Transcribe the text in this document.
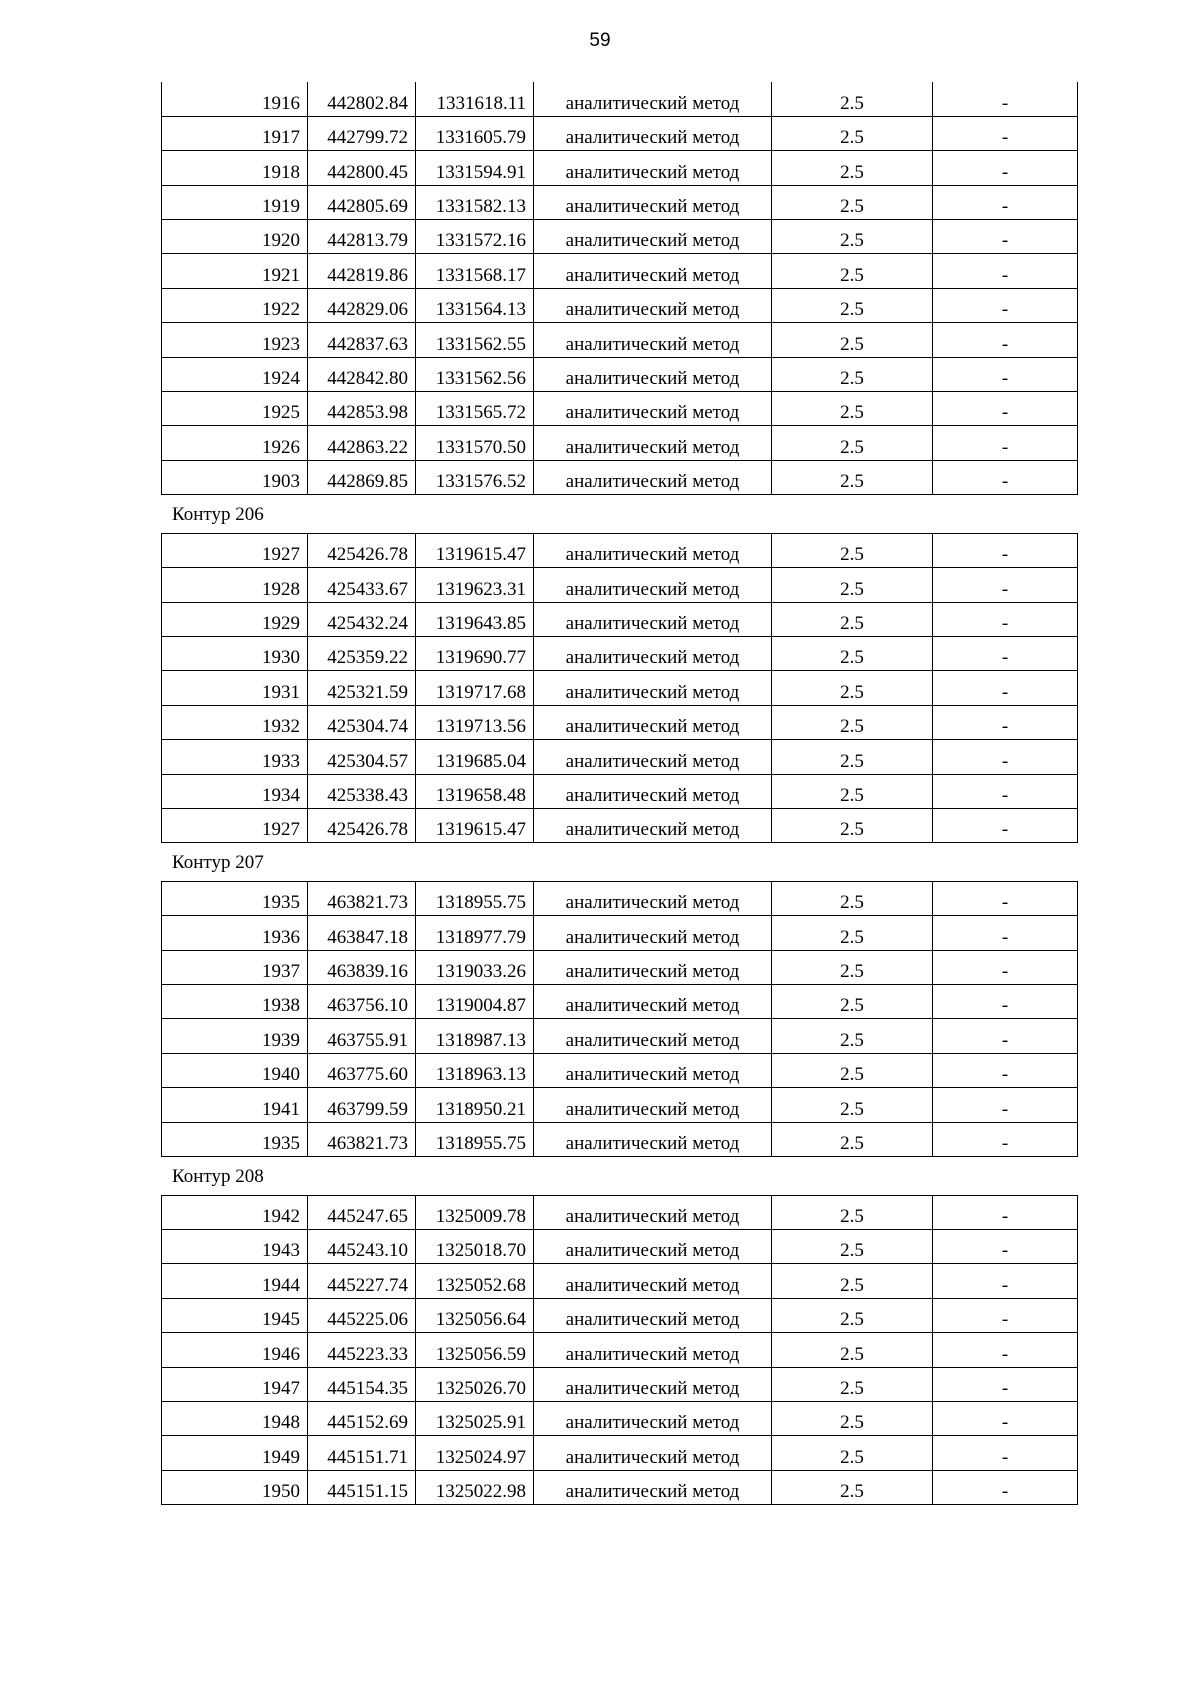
59
1916	442802.84	1331618.11	аналитический метод	2.5	-
1917	442799.72	1331605.79	аналитический метод	2.5	-
1918	442800.45	1331594.91	аналитический метод	2.5	-
1919	442805.69	1331582.13	аналитический метод	2.5	-
1920	442813.79	1331572.16	аналитический метод	2.5	-
1921	442819.86	1331568.17	аналитический метод	2.5	-
1922	442829.06	1331564.13	аналитический метод	2.5	-
1923	442837.63	1331562.55	аналитический метод	2.5	-
1924	442842.80	1331562.56	аналитический метод	2.5	-
1925	442853.98	1331565.72	аналитический метод	2.5	-
1926	442863.22	1331570.50	аналитический метод	2.5	-
1903	442869.85	1331576.52	аналитический метод	2.5	-
Контур 206
1927	425426.78	1319615.47	аналитический метод	2.5	-
1928	425433.67	1319623.31	аналитический метод	2.5	-
1929	425432.24	1319643.85	аналитический метод	2.5	-
1930	425359.22	1319690.77	аналитический метод	2.5	-
1931	425321.59	1319717.68	аналитический метод	2.5	-
1932	425304.74	1319713.56	аналитический метод	2.5	-
1933	425304.57	1319685.04	аналитический метод	2.5	-
1934	425338.43	1319658.48	аналитический метод	2.5	-
1927	425426.78	1319615.47	аналитический метод	2.5	-
Контур 207
1935	463821.73	1318955.75	аналитический метод	2.5	-
1936	463847.18	1318977.79	аналитический метод	2.5	-
1937	463839.16	1319033.26	аналитический метод	2.5	-
1938	463756.10	1319004.87	аналитический метод	2.5	-
1939	463755.91	1318987.13	аналитический метод	2.5	-
1940	463775.60	1318963.13	аналитический метод	2.5	-
1941	463799.59	1318950.21	аналитический метод	2.5	-
1935	463821.73	1318955.75	аналитический метод	2.5	-
Контур 208
1942	445247.65	1325009.78	аналитический метод	2.5	-
1943	445243.10	1325018.70	аналитический метод	2.5	-
1944	445227.74	1325052.68	аналитический метод	2.5	-
1945	445225.06	1325056.64	аналитический метод	2.5	-
1946	445223.33	1325056.59	аналитический метод	2.5	-
1947	445154.35	1325026.70	аналитический метод	2.5	-
1948	445152.69	1325025.91	аналитический метод	2.5	-
1949	445151.71	1325024.97	аналитический метод	2.5	-
1950	445151.15	1325022.98	аналитический метод	2.5	-
